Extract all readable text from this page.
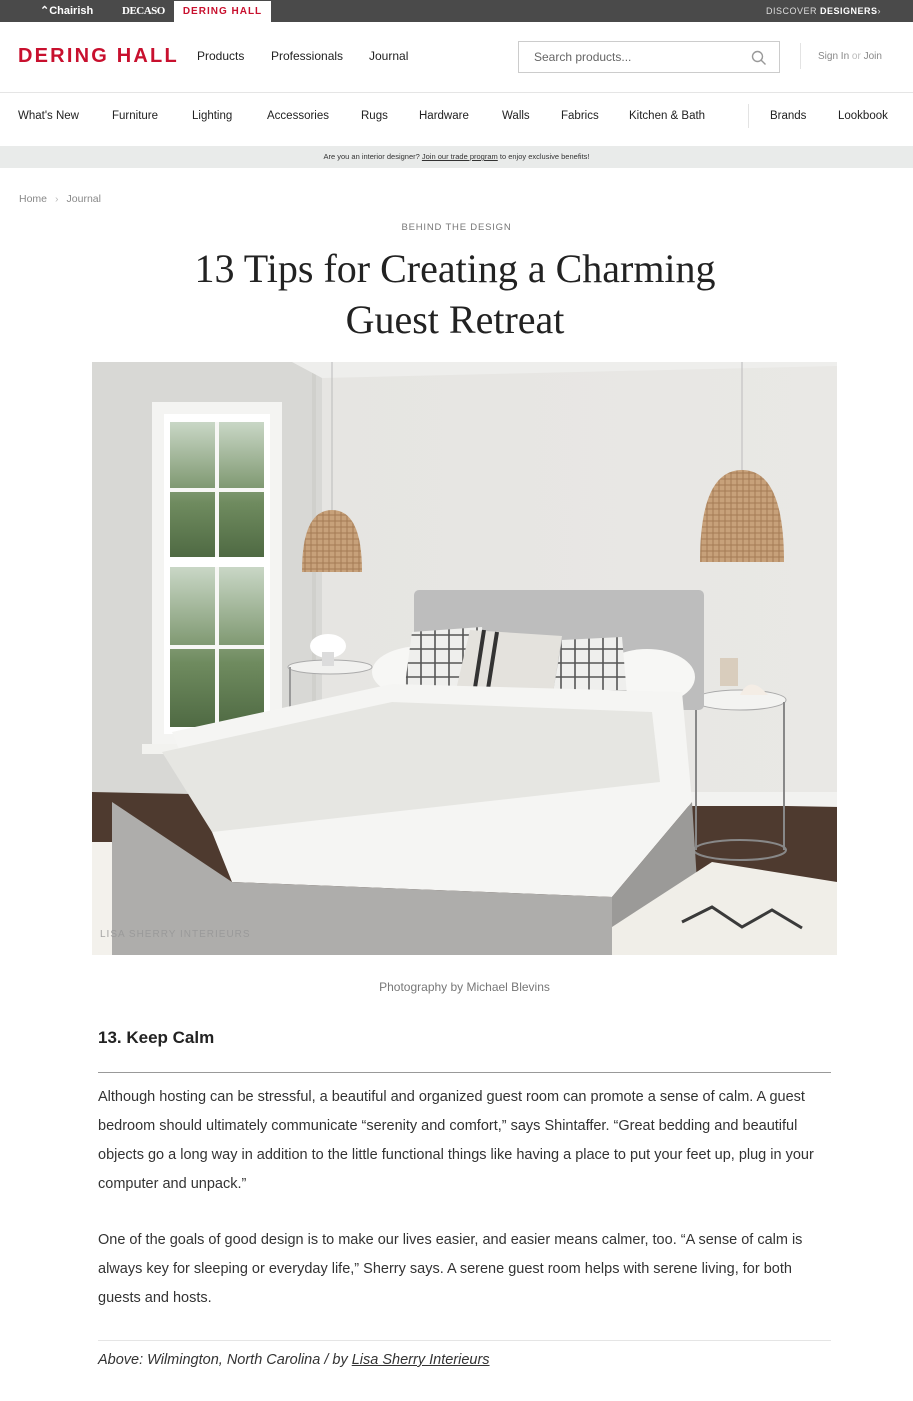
⌃Chairish	DECASO	DERING HALL	DISCOVER DESIGNERS›
DERING HALL Products Professionals Journal
Search products...	Sign In or Join
What's New	Furniture	Lighting	Accessories	Rugs	Hardware	Walls	Fabrics	Kitchen & Bath	Brands	Lookbook
Are you an interior designer? Join our trade program to enjoy exclusive benefits!
Home › Journal
BEHIND THE DESIGN
13 Tips for Creating a Charming Guest Retreat
LISA SHERRY INTERIEURS
Photography by Michael Blevins
13. Keep Calm

Although hosting can be stressful, a beautiful and organized guest room can promote a sense of calm. A guest bedroom should ultimately communicate “serenity and comfort,” says Shintaffer. “Great bedding and beautiful objects go a long way in addition to the little functional things like having a place to put your feet up, plug in your computer and unpack.”

One of the goals of good design is to make our lives easier, and easier means calmer, too. “A sense of calm is always key for sleeping or everyday life,” Sherry says. A serene guest room helps with serene living, for both guests and hosts.

Above: Wilmington, North Carolina / by Lisa Sherry Interieurs
